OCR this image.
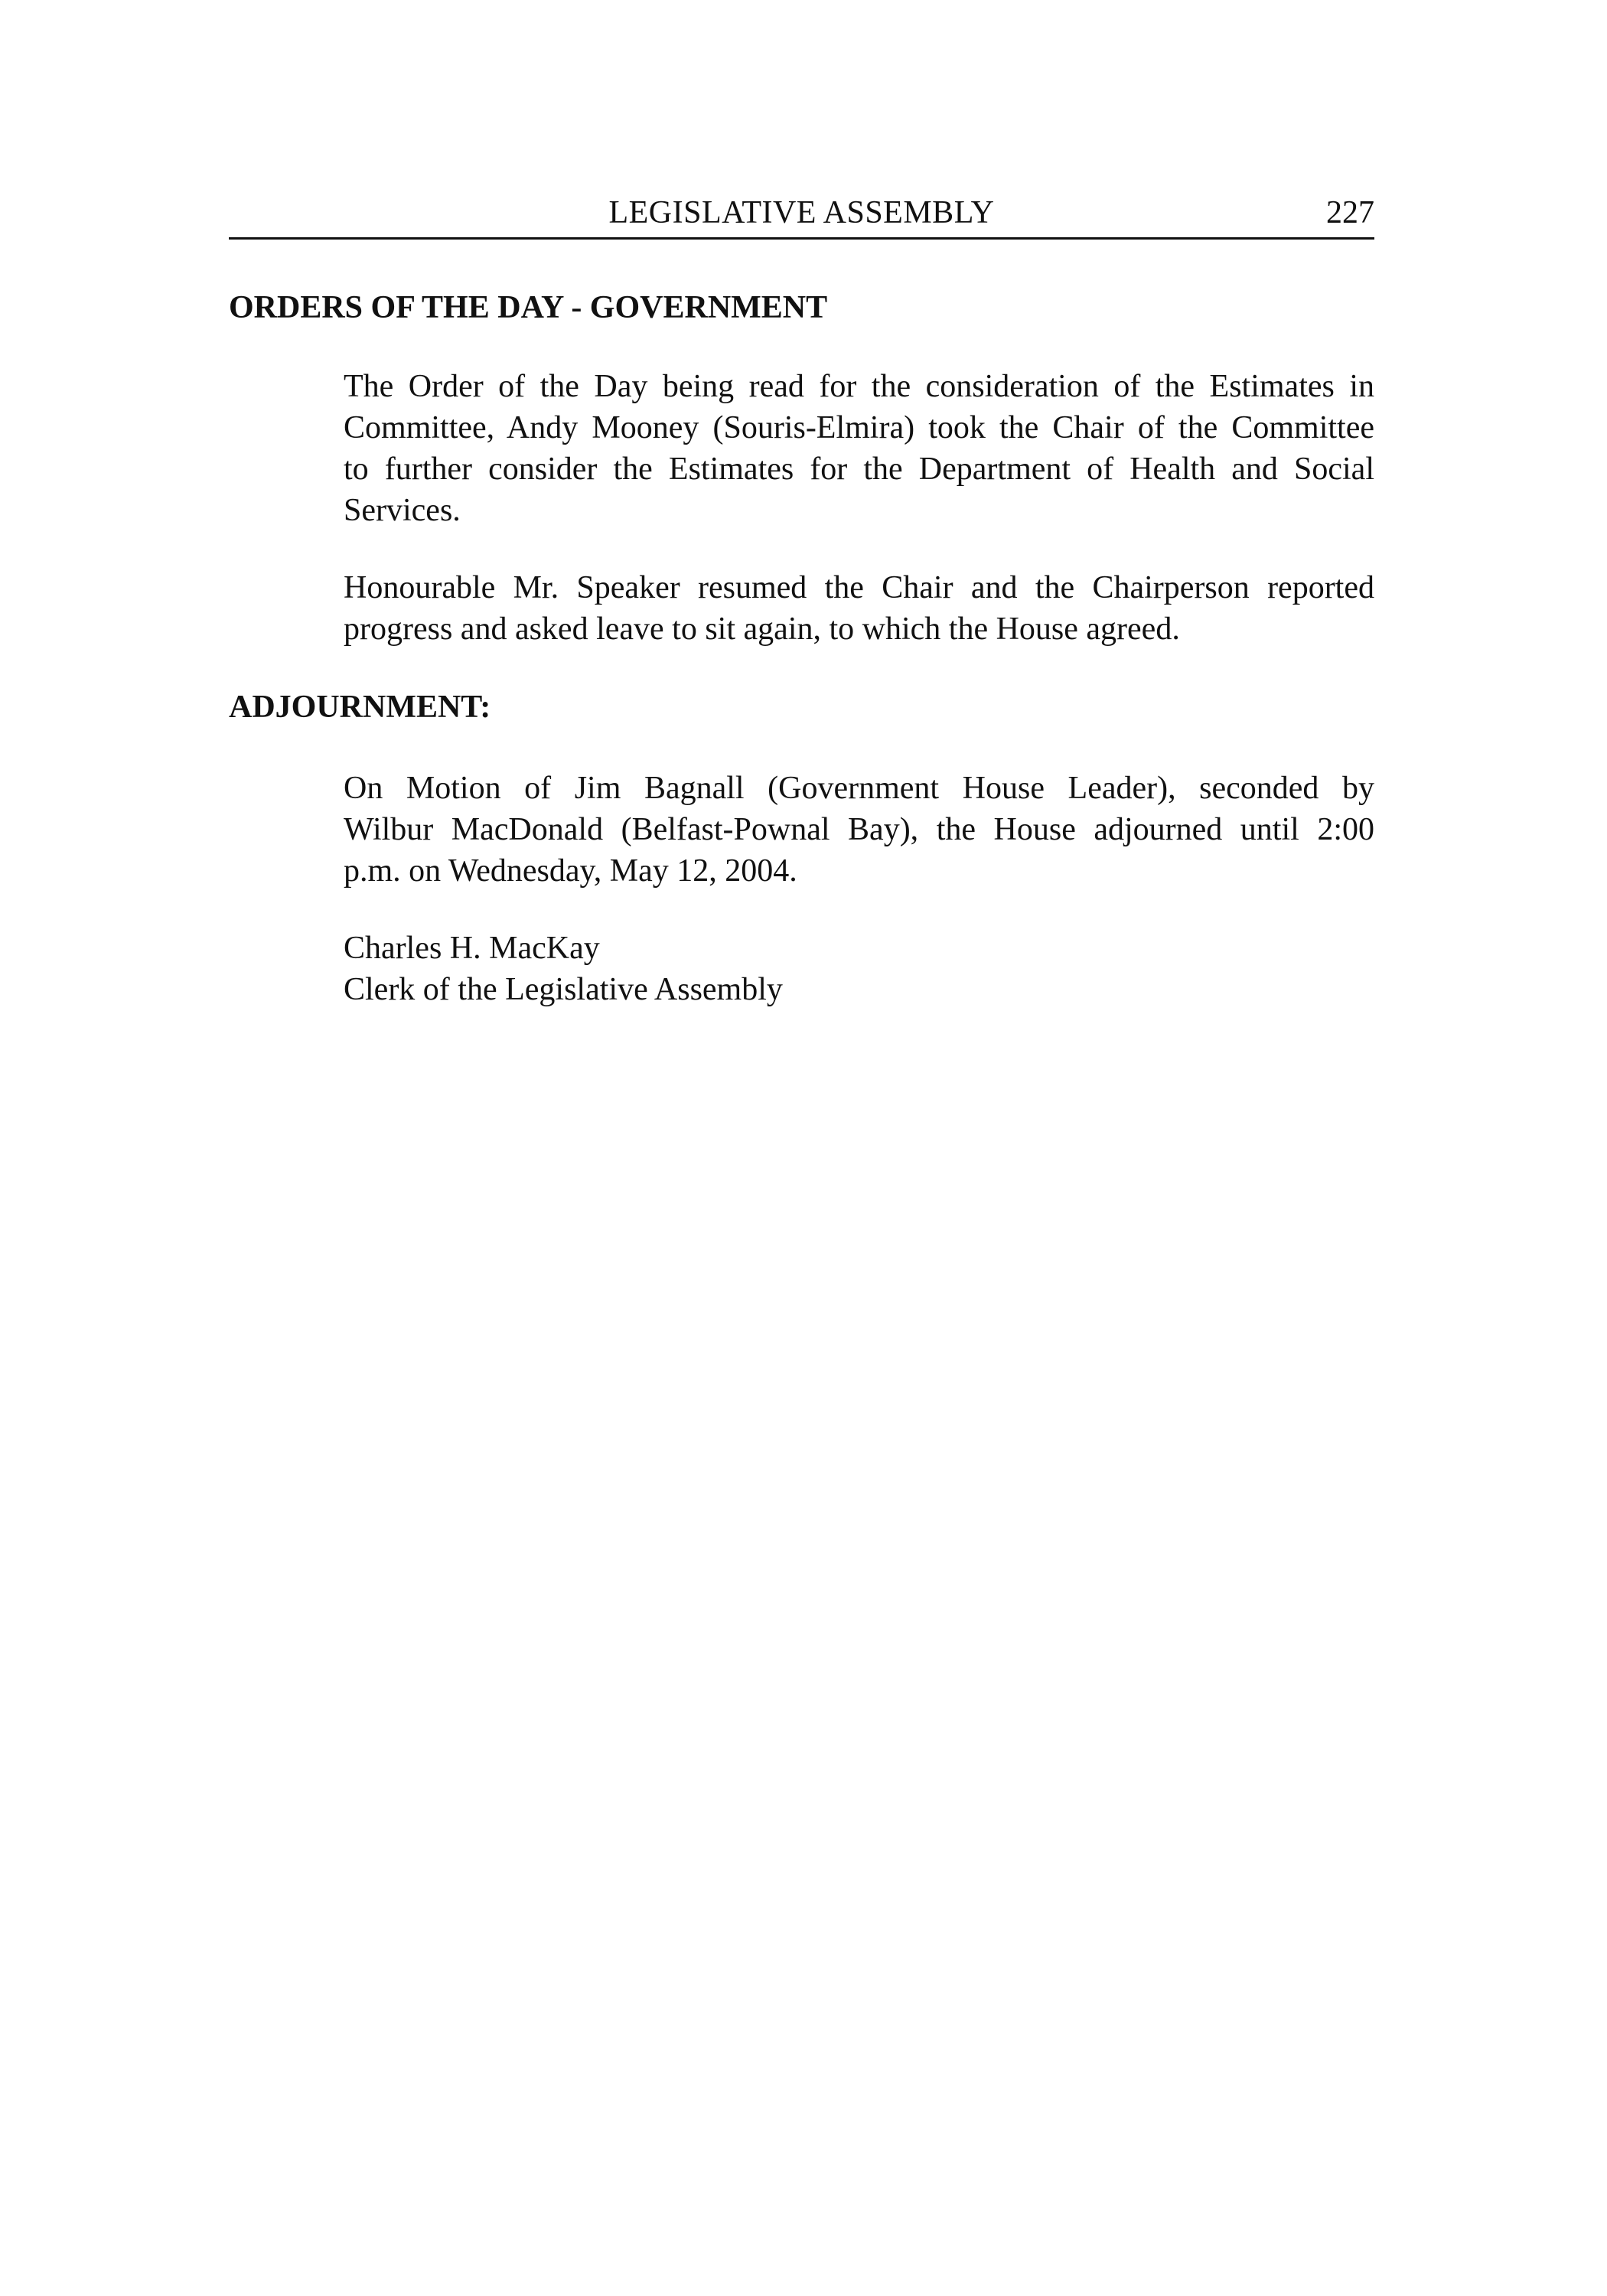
LEGISLATIVE ASSEMBLY	227
ORDERS OF THE DAY - GOVERNMENT
The Order of the Day being read for the consideration of the Estimates in
Committee, Andy Mooney (Souris-Elmira) took the Chair of the Committee
to further consider the Estimates for the Department of Health and Social
Services.
Honourable Mr. Speaker resumed the Chair and the Chairperson reported
progress and asked leave to sit again, to which the House agreed.
ADJOURNMENT:
On Motion of Jim Bagnall (Government House Leader), seconded by
Wilbur MacDonald (Belfast-Pownal Bay), the House adjourned until 2:00
p.m. on Wednesday, May 12, 2004.
Charles H. MacKay
Clerk of the Legislative Assembly
